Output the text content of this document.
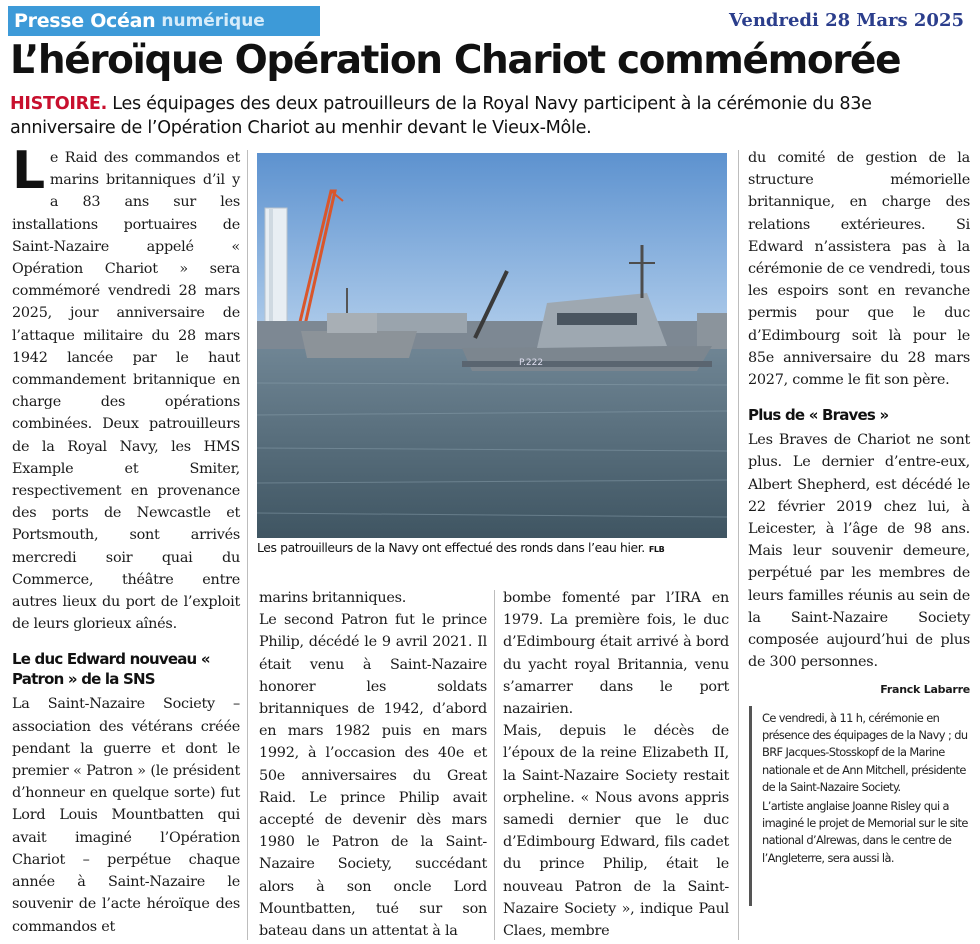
Presse Océan numérique	Vendredi 28 Mars 2025
L’héroïque Opération Chariot commémorée
HISTOIRE. Les équipages des deux patrouilleurs de la Royal Navy participent à la cérémonie du 83e anniversaire de l’Opération Chariot au menhir devant le Vieux-Môle.

Le Raid des commandos et marins britanniques d’il y a 83 ans sur les installations portuaires de Saint-Nazaire appelé « Opération Chariot » sera commémoré vendredi 28 mars 2025, jour anniversaire de l’attaque militaire du 28 mars 1942 lancée par le haut commandement britannique en charge des opérations combinées. Deux patrouilleurs de la Royal Navy, les HMS Example et Smiter, respectivement en provenance des ports de Newcastle et Portsmouth, sont arrivés mercredi soir quai du Commerce, théâtre entre autres lieux du port de l’exploit de leurs glorieux aînés.

Le duc Edward nouveau « Patron » de la SNS

La Saint-Nazaire Society – association des vétérans créée pendant la guerre et dont le premier « Patron » (le président d’honneur en quelque sorte) fut Lord Louis Mountbatten qui avait imaginé l’Opération Chariot – perpétue chaque année à Saint-Nazaire le souvenir de l’acte héroïque des commandos et

P.222
Les patrouilleurs de la Navy ont effectué des ronds dans l’eau hier. FLB

marins britanniques.

Le second Patron fut le prince Philip, décédé le 9 avril 2021. Il était venu à Saint-Nazaire honorer les soldats britanniques de 1942, d’abord en mars 1982 puis en mars 1992, à l’occasion des 40e et 50e anniversaires du Great Raid. Le prince Philip avait accepté de devenir dès mars 1980 le Patron de la Saint-Nazaire Society, succédant alors à son oncle Lord Mountbatten, tué sur son bateau dans un attentat à la

bombe fomenté par l’IRA en 1979. La première fois, le duc d’Edimbourg était arrivé à bord du yacht royal Britannia, venu s’amarrer dans le port nazairien.

Mais, depuis le décès de l’époux de la reine Elizabeth II, la Saint-Nazaire Society restait orpheline. « Nous avons appris samedi dernier que le duc d’Edimbourg Edward, fils cadet du prince Philip, était le nouveau Patron de la Saint-Nazaire Society », indique Paul Claes, membre

du comité de gestion de la structure mémorielle britannique, en charge des relations extérieures. Si Edward n’assistera pas à la cérémonie de ce vendredi, tous les espoirs sont en revanche permis pour que le duc d’Edimbourg soit là pour le 85e anniversaire du 28 mars 2027, comme le fit son père.

Plus de « Braves »

Les Braves de Chariot ne sont plus. Le dernier d’entre-eux, Albert Shepherd, est décédé le 22 février 2019 chez lui, à Leicester, à l’âge de 98 ans. Mais leur souvenir demeure, perpétué par les membres de leurs familles réunis au sein de la Saint-Nazaire Society composée aujourd’hui de plus de 300 personnes.

Franck Labarre

Ce vendredi, à 11 h, cérémonie en présence des équipages de la Navy ; du BRF Jacques-Stosskopf de la Marine nationale et de Ann Mitchell, présidente de la Saint-Nazaire Society.

L’artiste anglaise Joanne Risley qui a imaginé le projet de Memorial sur le site national d’Alrewas, dans le centre de l’Angleterre, sera aussi là.
